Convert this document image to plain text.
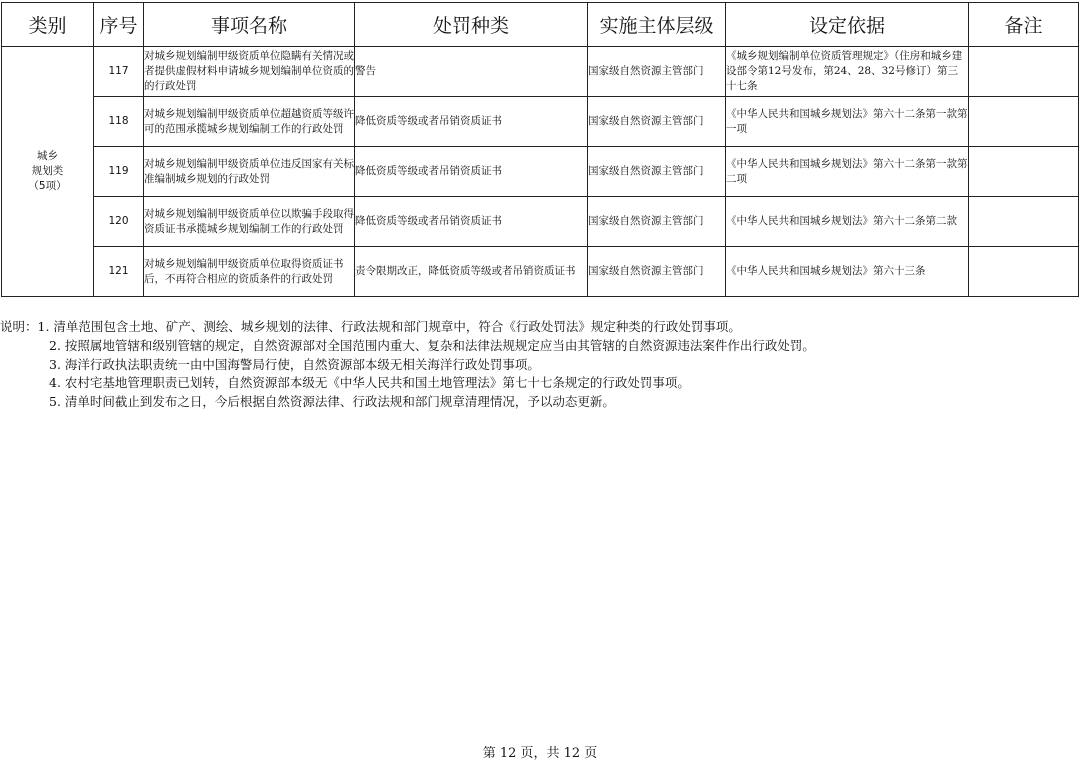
类别	序号	事项名称	处罚种类	实施主体层级	设定依据	备注

城乡
规划类
（5项）	117	对城乡规划编制甲级资质单位隐瞒有关情况或者提供虚假材料申请城乡规划编制单位资质的的行政处罚	警告	国家级自然资源主管部门	《城乡规划编制单位资质管理规定》（住房和城乡建设部令第12号发布，第24、28、32号修订）第三十七条	
	118	对城乡规划编制甲级资质单位超越资质等级许可的范围承揽城乡规划编制工作的行政处罚	降低资质等级或者吊销资质证书	国家级自然资源主管部门	《中华人民共和国城乡规划法》第六十二条第一款第一项	
	119	对城乡规划编制甲级资质单位违反国家有关标准编制城乡规划的行政处罚	降低资质等级或者吊销资质证书	国家级自然资源主管部门	《中华人民共和国城乡规划法》第六十二条第一款第二项	
	120	对城乡规划编制甲级资质单位以欺骗手段取得资质证书承揽城乡规划编制工作的行政处罚	降低资质等级或者吊销资质证书	国家级自然资源主管部门	《中华人民共和国城乡规划法》第六十二条第二款	
	121	对城乡规划编制甲级资质单位取得资质证书后，不再符合相应的资质条件的行政处罚	责令限期改正，降低资质等级或者吊销资质证书	国家级自然资源主管部门	《中华人民共和国城乡规划法》第六十三条	
说明：1. 清单范围包含土地、矿产、测绘、城乡规划的法律、行政法规和部门规章中，符合《行政处罚法》规定种类的行政处罚事项。
2. 按照属地管辖和级别管辖的规定，自然资源部对全国范围内重大、复杂和法律法规规定应当由其管辖的自然资源违法案件作出行政处罚。
3. 海洋行政执法职责统一由中国海警局行使，自然资源部本级无相关海洋行政处罚事项。
4. 农村宅基地管理职责已划转，自然资源部本级无《中华人民共和国土地管理法》第七十七条规定的行政处罚事项。
5. 清单时间截止到发布之日，今后根据自然资源法律、行政法规和部门规章清理情况，予以动态更新。
第 12 页，共 12 页
